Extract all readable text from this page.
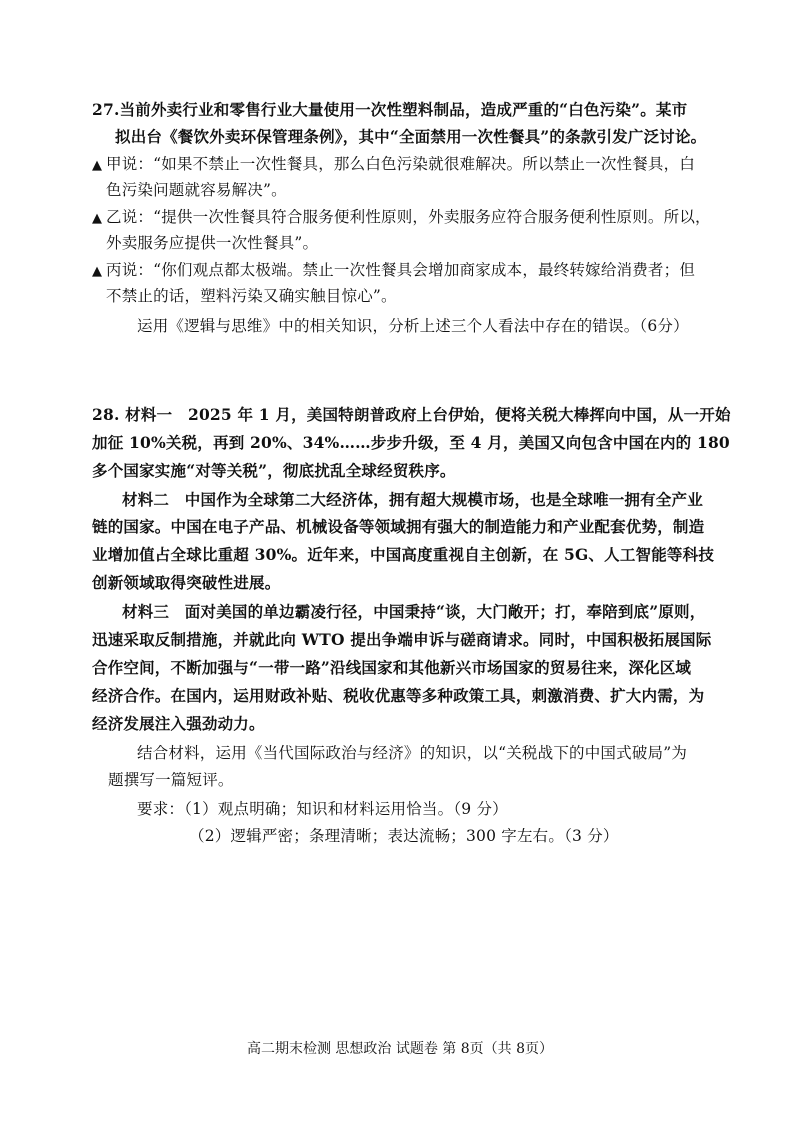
27.当前外卖行业和零售行业大量使用一次性塑料制品，造成严重的“白色污染”。某市
拟出台《餐饮外卖环保管理条例》，其中“全面禁用一次性餐具”的条款引发广泛讨论。
▲ 甲说：“如果不禁止一次性餐具，那么白色污染就很难解决。所以禁止一次性餐具，白
色污染问题就容易解决”。
▲ 乙说：“提供一次性餐具符合服务便利性原则，外卖服务应符合服务便利性原则。所以，
外卖服务应提供一次性餐具”。
▲ 丙说：“你们观点都太极端。禁止一次性餐具会增加商家成本，最终转嫁给消费者；但
不禁止的话，塑料污染又确实触目惊心”。
运用《逻辑与思维》中的相关知识，分析上述三个人看法中存在的错误。（6分）
28. 材料一　2025 年 1 月，美国特朗普政府上台伊始，便将关税大棒挥向中国，从一开始
加征 10%关税，再到 20%、34%……步步升级，至 4 月，美国又向包含中国在内的 180
多个国家实施“对等关税”，彻底扰乱全球经贸秩序。
材料二　中国作为全球第二大经济体，拥有超大规模市场，也是全球唯一拥有全产业
链的国家。中国在电子产品、机械设备等领域拥有强大的制造能力和产业配套优势，制造
业增加值占全球比重超 30%。近年来，中国高度重视自主创新，在 5G、人工智能等科技
创新领域取得突破性进展。
材料三　面对美国的单边霸凌行径，中国秉持“谈，大门敞开；打，奉陪到底”原则，
迅速采取反制措施，并就此向 WTO 提出争端申诉与磋商请求。同时，中国积极拓展国际
合作空间，不断加强与“一带一路”沿线国家和其他新兴市场国家的贸易往来，深化区域
经济合作。在国内，运用财政补贴、税收优惠等多种政策工具，刺激消费、扩大内需，为
经济发展注入强劲动力。
结合材料，运用《当代国际政治与经济》的知识，以“关税战下的中国式破局”为
题撰写一篇短评。
要求：（1）观点明确；知识和材料运用恰当。（9 分）
（2）逻辑严密；条理清晰；表达流畅；300 字左右。（3 分）
高二期末检测 思想政治 试题卷 第 8页（共 8页）
